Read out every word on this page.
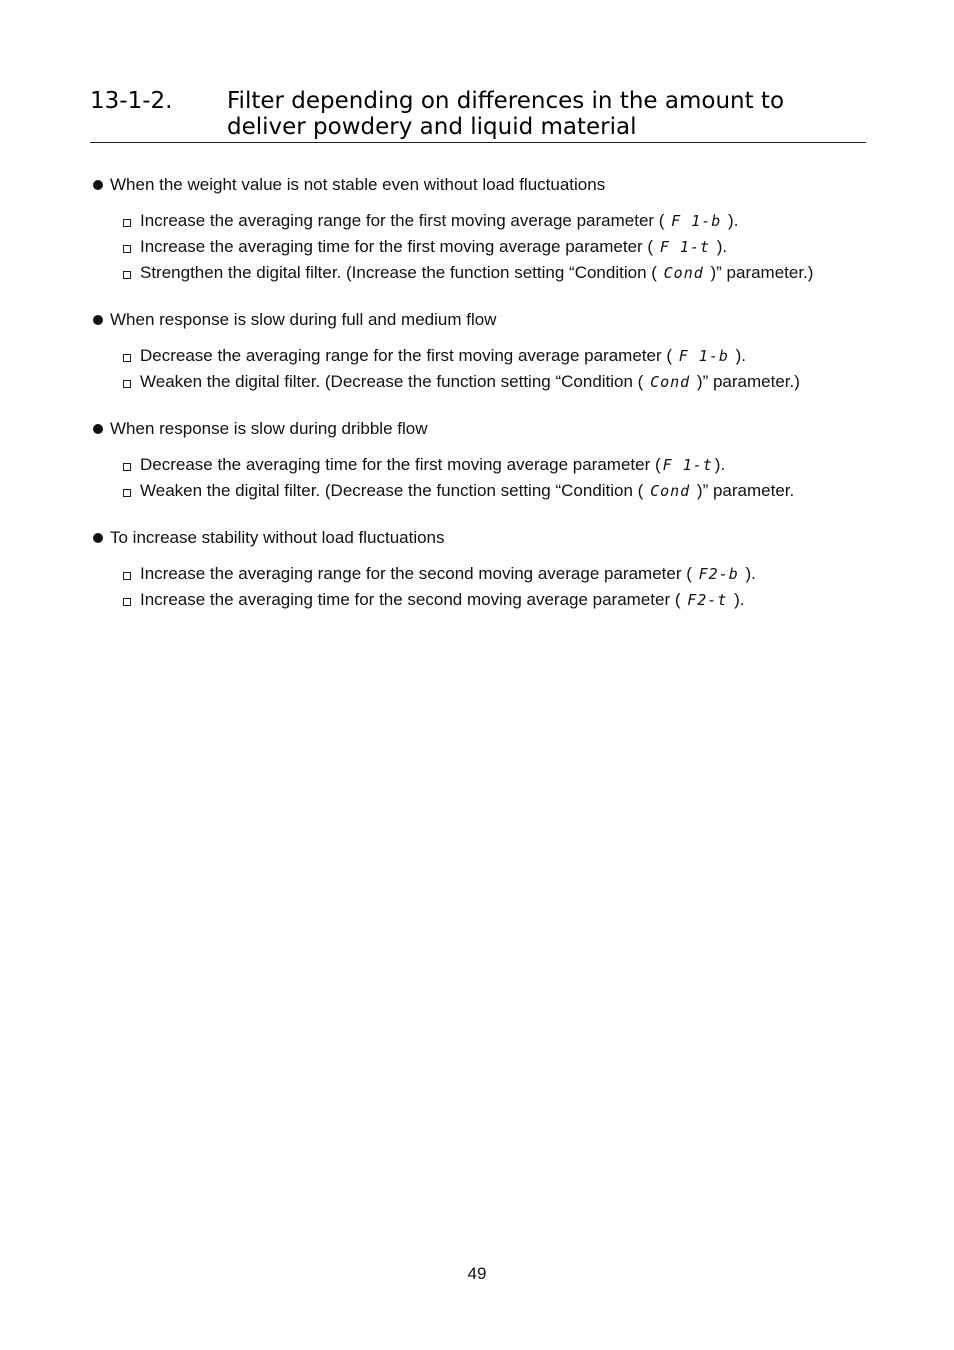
13-1-2. Filter depending on differences in the amount to
deliver powdery and liquid material
When the weight value is not stable even without load fluctuations
Increase the averaging range for the first moving average parameter ( F 1-b ).
Increase the averaging time for the first moving average parameter ( F 1-t ).
Strengthen the digital filter. (Increase the function setting “Condition ( Cond )” parameter.)
When response is slow during full and medium flow
Decrease the averaging range for the first moving average parameter ( F 1-b ).
Weaken the digital filter. (Decrease the function setting “Condition ( Cond )” parameter.)
When response is slow during dribble flow
Decrease the averaging time for the first moving average parameter ( F 1-t ).
Weaken the digital filter. (Decrease the function setting “Condition ( Cond )” parameter.
To increase stability without load fluctuations
Increase the averaging range for the second moving average parameter ( F2-b ).
Increase the averaging time for the second moving average parameter ( F2-t ).
49
